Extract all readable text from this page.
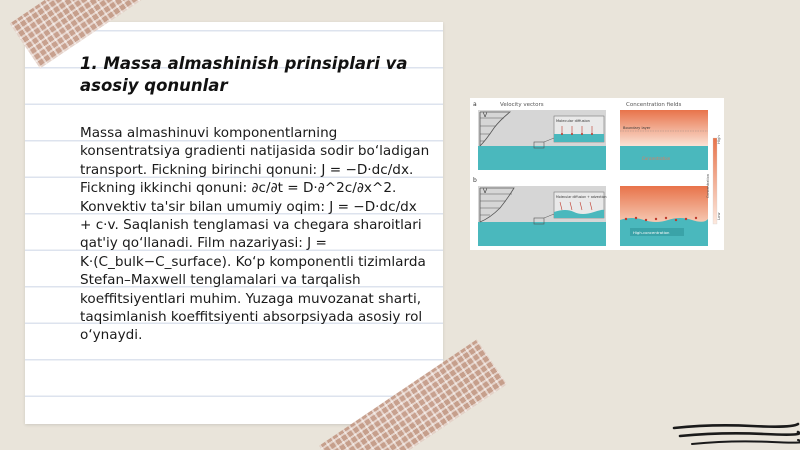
1. Massa almashinish prinsiplari va asosiy qonunlar
Massa almashinuvi komponentlarning konsentratsiya gradienti natijasida sodir bo‘ladigan transport. Fickning birinchi qonuni: J = −D·dc/dx. Fickning ikkinchi qonuni: ∂c/∂t = D·∂^2c/∂x^2. Konvektiv ta'sir bilan umumiy oqim: J = −D·dc/dx + c·v. Saqlanish tenglamasi va chegara sharoitlari qat'iy qo‘llanadi. Film nazariyasi: J = K·(C_bulk−C_surface). Ko‘p komponentli tizimlarda Stefan–Maxwell tenglamalari va tarqalish koeffitsiyentlari muhim. Yuzaga muvozanat sharti, taqsimlanish koeffitsiyenti absorpsiyada asosiy rol o‘ynaydi.
a
b
Velocity vectors	Concentration fields
V
Molecular diffusion
Boundary layer
Concentration
V
Molecular diffusion + advection
High-concentration
High
Low
Concentration
